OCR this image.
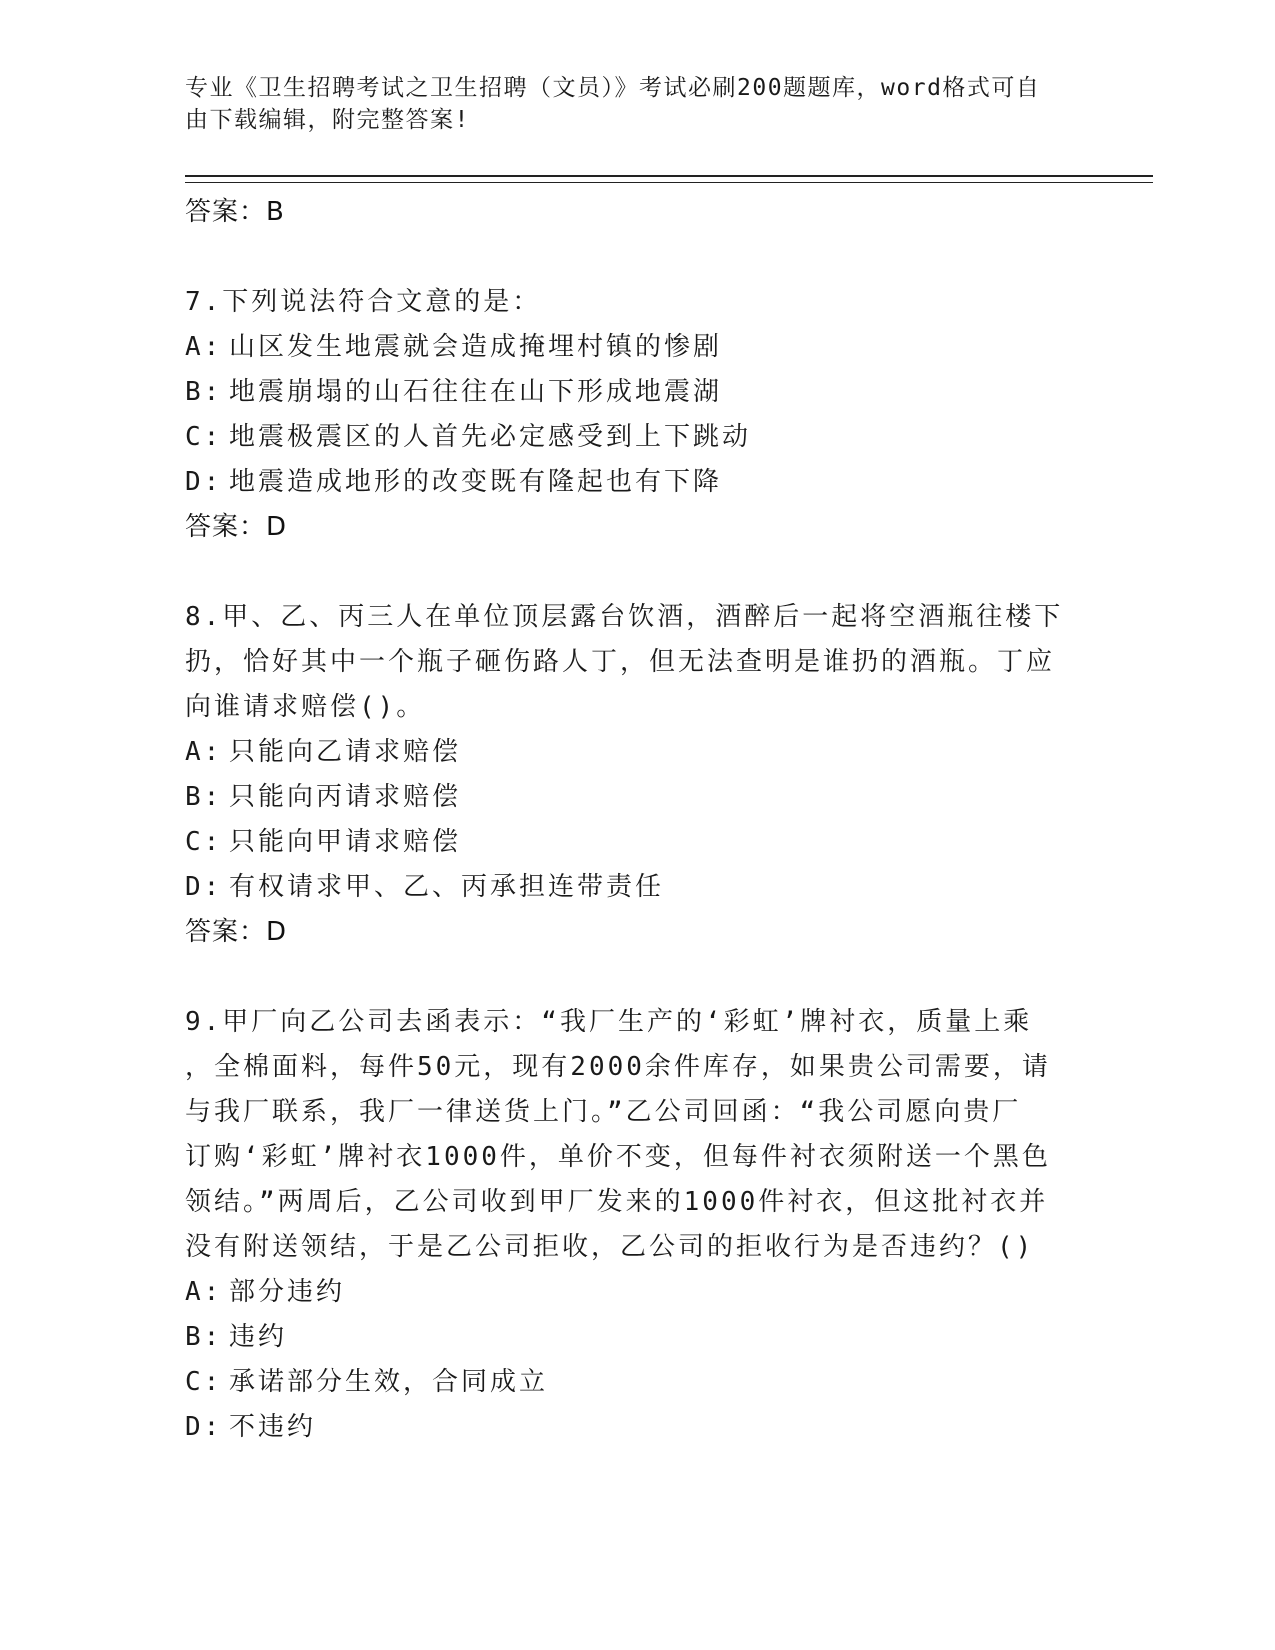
专业《卫生招聘考试之卫生招聘（文员）》考试必刷200题题库，word格式可自
由下载编辑，附完整答案!
答案：B
7.下列说法符合文意的是：
A: 山区发生地震就会造成掩埋村镇的惨剧
B: 地震崩塌的山石往往在山下形成地震湖
C: 地震极震区的人首先必定感受到上下跳动
D: 地震造成地形的改变既有隆起也有下降
答案：D
8.甲、乙、丙三人在单位顶层露台饮酒，酒醉后一起将空酒瓶往楼下
扔，恰好其中一个瓶子砸伤路人丁，但无法查明是谁扔的酒瓶。丁应
向谁请求赔偿()。
A: 只能向乙请求赔偿
B: 只能向丙请求赔偿
C: 只能向甲请求赔偿
D: 有权请求甲、乙、丙承担连带责任
答案：D
9.甲厂向乙公司去函表示：“我厂生产的‘彩虹’牌衬衣，质量上乘
，全棉面料，每件50元，现有2000余件库存，如果贵公司需要，请
与我厂联系，我厂一律送货上门。”乙公司回函：“我公司愿向贵厂
订购‘彩虹’牌衬衣1000件，单价不变，但每件衬衣须附送一个黑色
领结。”两周后，乙公司收到甲厂发来的1000件衬衣，但这批衬衣并
没有附送领结，于是乙公司拒收，乙公司的拒收行为是否违约？()
A: 部分违约
B: 违约
C: 承诺部分生效，合同成立
D: 不违约
